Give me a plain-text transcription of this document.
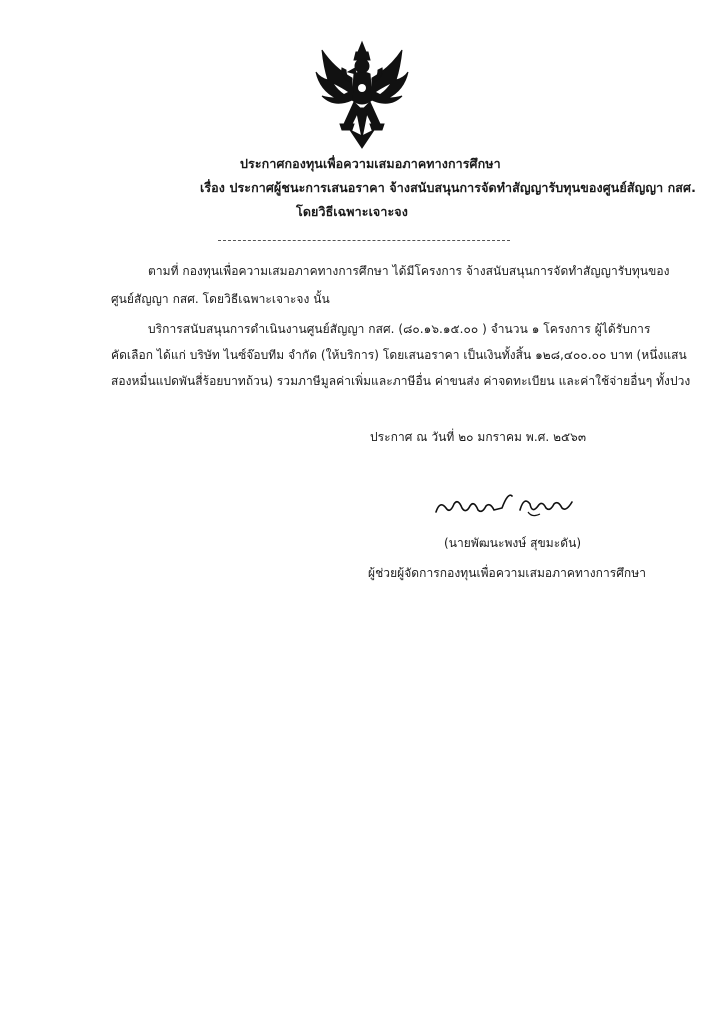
ประกาศกองทุนเพื่อความเสมอภาคทางการศึกษา
เรื่อง ประกาศผู้ชนะการเสนอราคา จ้างสนับสนุนการจัดทำสัญญารับทุนของศูนย์สัญญา กสศ.
โดยวิธีเฉพาะเจาะจง
ตามที่ กองทุนเพื่อความเสมอภาคทางการศึกษา ได้มีโครงการ จ้างสนับสนุนการจัดทำสัญญารับทุนของ
ศูนย์สัญญา กสศ. โดยวิธีเฉพาะเจาะจง นั้น
บริการสนับสนุนการดำเนินงานศูนย์สัญญา กสศ. (๘๐.๑๖.๑๕.๐๐ ) จำนวน ๑ โครงการ ผู้ได้รับการ
คัดเลือก ได้แก่ บริษัท ไนซ์จ๊อบทีม จำกัด (ให้บริการ) โดยเสนอราคา เป็นเงินทั้งสิ้น ๑๒๘,๔๐๐.๐๐ บาท (หนึ่งแสน
สองหมื่นแปดพันสี่ร้อยบาทถ้วน) รวมภาษีมูลค่าเพิ่มและภาษีอื่น ค่าขนส่ง ค่าจดทะเบียน และค่าใช้จ่ายอื่นๆ ทั้งปวง
ประกาศ ณ วันที่ ๒๐ มกราคม พ.ศ. ๒๕๖๓
(นายพัฒนะพงษ์ สุขมะดัน)
ผู้ช่วยผู้จัดการกองทุนเพื่อความเสมอภาคทางการศึกษา
